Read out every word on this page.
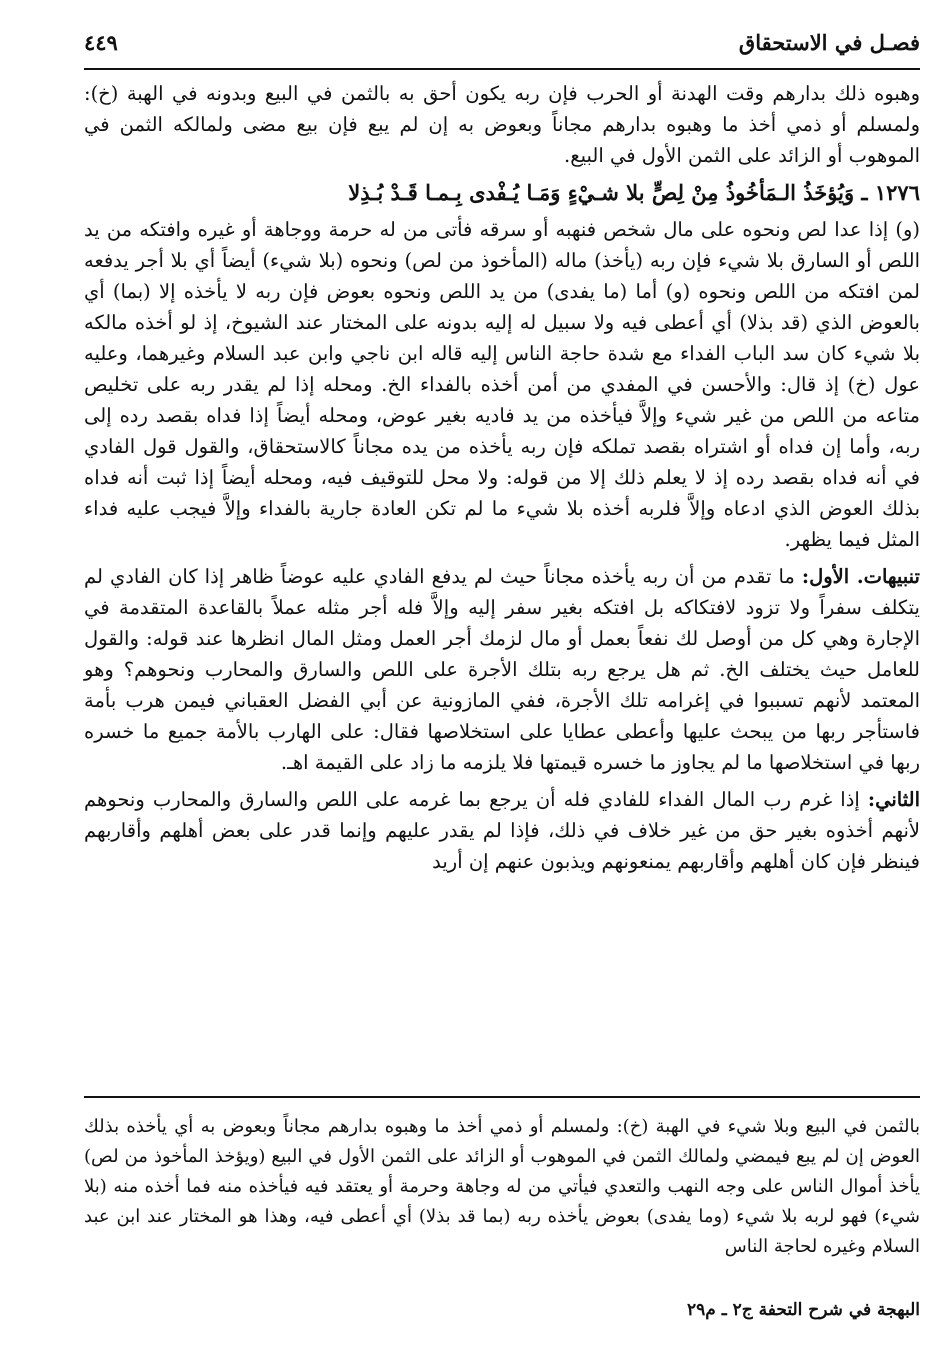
فصـل في الاستحقاق
٤٤٩

وهبوه ذلك بدارهم وقت الهدنة أو الحرب فإن ربه يكون أحق به بالثمن في البيع وبدونه في الهبة (خ): ولمسلم أو ذمي أخذ ما وهبوه بدارهم مجاناً وبعوض به إن لم يبع فإن بيع مضى ولمالكه الثمن في الموهوب أو الزائد على الثمن الأول في البيع.

١٢٧٦ ـ وَيُؤخَذُ الـمَأخُوذُ مِنْ لِصٍّ بلا شـيْءٍ وَمَـا يُـفْدى بِـمـا قَـدْ بُـذِلا

(و) إذا عدا لص ونحوه على مال شخص فنهبه أو سرقه فأتى من له حرمة ووجاهة أو غيره وافتكه من يد اللص أو السارق بلا شيء فإن ربه (يأخذ) ماله (المأخوذ من لص) ونحوه (بلا شيء) أيضاً أي بلا أجر يدفعه لمن افتكه من اللص ونحوه (و) أما (ما يفدى) من يد اللص ونحوه بعوض فإن ربه لا يأخذه إلا (بما) أي بالعوض الذي (قد بذلا) أي أعطى فيه ولا سبيل له إليه بدونه على المختار عند الشيوخ، إذ لو أخذه مالكه بلا شيء كان سد الباب الفداء مع شدة حاجة الناس إليه قاله ابن ناجي وابن عبد السلام وغيرهما، وعليه عول (خ) إذ قال: والأحسن في المفدي من أمن أخذه بالفداء الخ. ومحله إذا لم يقدر ربه على تخليص متاعه من اللص من غير شيء وإلاَّ فيأخذه من يد فاديه بغير عوض، ومحله أيضاً إذا فداه بقصد رده إلى ربه، وأما إن فداه أو اشتراه بقصد تملكه فإن ربه يأخذه من يده مجاناً كالاستحقاق، والقول قول الفادي في أنه فداه بقصد رده إذ لا يعلم ذلك إلا من قوله: ولا محل للتوقيف فيه، ومحله أيضاً إذا ثبت أنه فداه بذلك العوض الذي ادعاه وإلاَّ فلربه أخذه بلا شيء ما لم تكن العادة جارية بالفداء وإلاَّ فيجب عليه فداء المثل فيما يظهر.

تنبيهات. الأول: ما تقدم من أن ربه يأخذه مجاناً حيث لم يدفع الفادي عليه عوضاً ظاهر إذا كان الفادي لم يتكلف سفراً ولا تزود لافتكاكه بل افتكه بغير سفر إليه وإلاَّ فله أجر مثله عملاً بالقاعدة المتقدمة في الإجارة وهي كل من أوصل لك نفعاً بعمل أو مال لزمك أجر العمل ومثل المال انظرها عند قوله: والقول للعامل حيث يختلف الخ. ثم هل يرجع ربه بتلك الأجرة على اللص والسارق والمحارب ونحوهم؟ وهو المعتمد لأنهم تسببوا في إغرامه تلك الأجرة، ففي المازونية عن أبي الفضل العقباني فيمن هرب بأمة فاستأجر ربها من يبحث عليها وأعطى عطايا على استخلاصها فقال: على الهارب بالأمة جميع ما خسره ربها في استخلاصها ما لم يجاوز ما خسره قيمتها فلا يلزمه ما زاد على القيمة اهـ.

الثاني: إذا غرم رب المال الفداء للفادي فله أن يرجع بما غرمه على اللص والسارق والمحارب ونحوهم لأنهم أخذوه بغير حق من غير خلاف في ذلك، فإذا لم يقدر عليهم وإنما قدر على بعض أهلهم وأقاربهم فينظر فإن كان أهلهم وأقاربهم يمنعونهم ويذبون عنهم إن أريد

بالثمن في البيع وبلا شيء في الهبة (خ): ولمسلم أو ذمي أخذ ما وهبوه بدارهم مجاناً وبعوض به أي يأخذه بذلك العوض إن لم يبع فيمضي ولمالك الثمن في الموهوب أو الزائد على الثمن الأول في البيع (ويؤخذ المأخوذ من لص) يأخذ أموال الناس على وجه النهب والتعدي فيأتي من له وجاهة وحرمة أو يعتقد فيه فيأخذه منه فما أخذه منه (بلا شيء) فهو لربه بلا شيء (وما يفدى) بعوض يأخذه ربه (بما قد بذلا) أي أعطى فيه، وهذا هو المختار عند ابن عبد السلام وغيره لحاجة الناس

البهجة في شرح التحفة ج٢ ـ م٢٩
